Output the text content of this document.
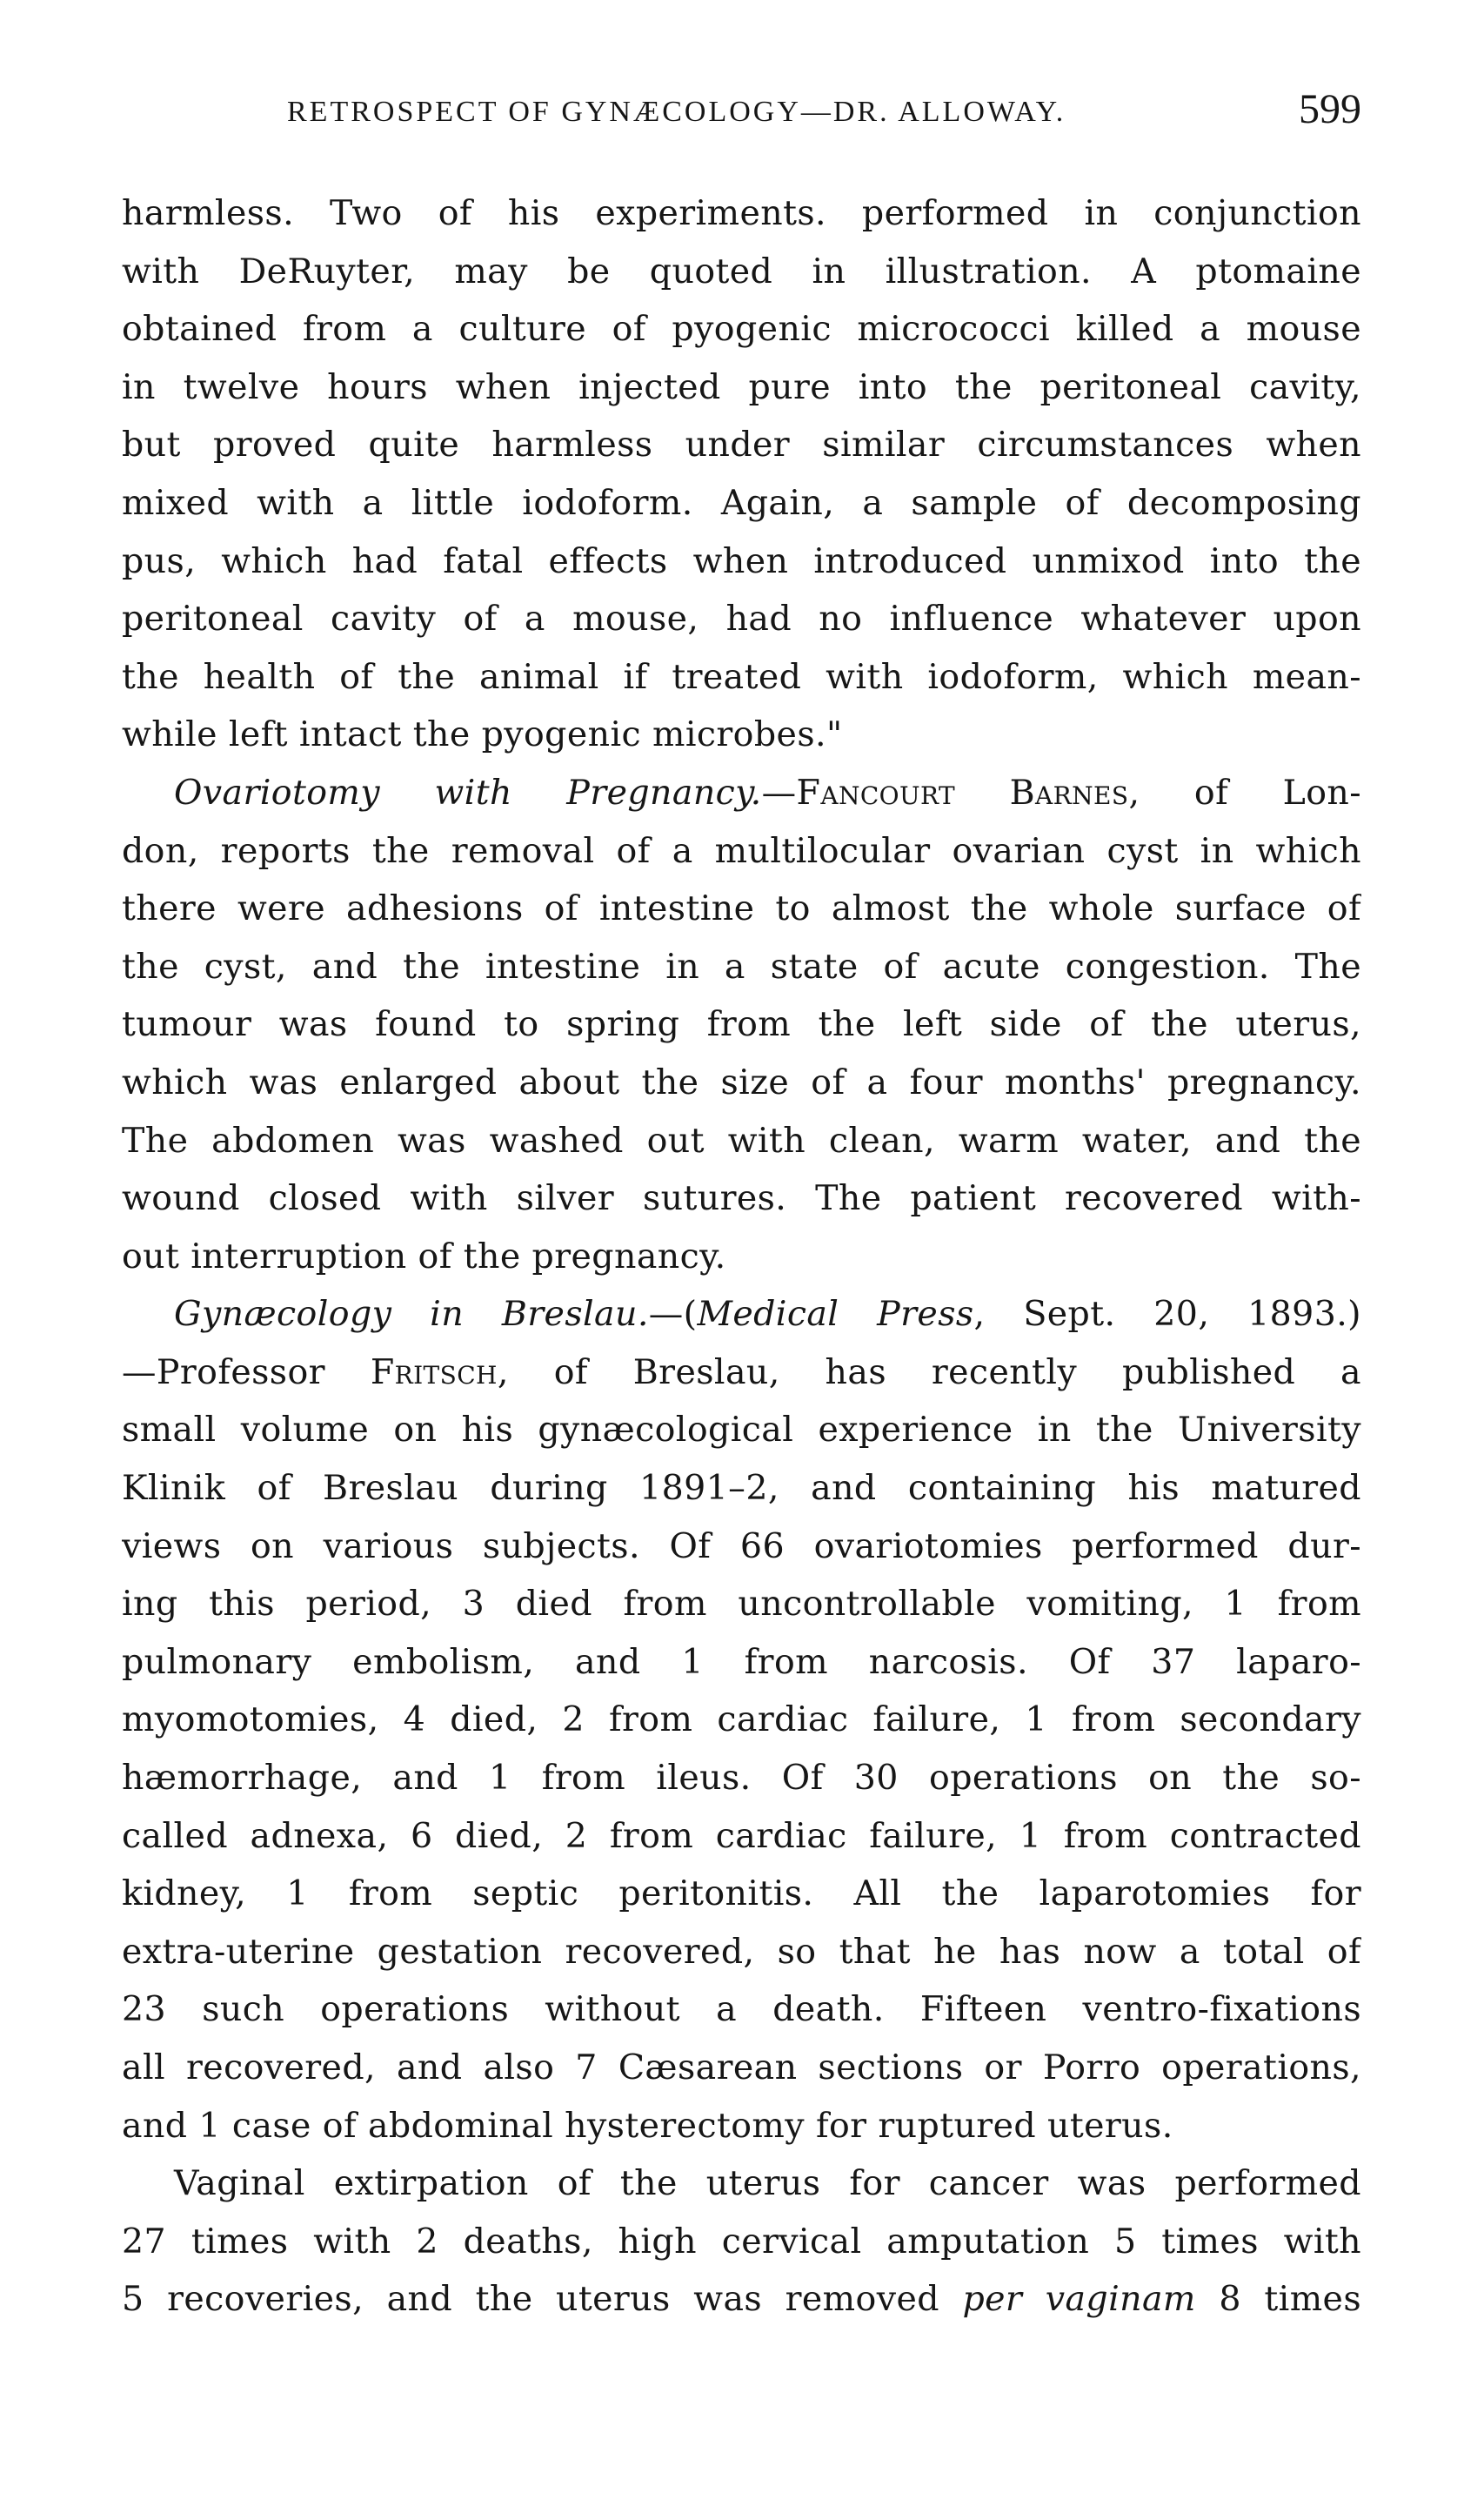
RETROSPECT OF GYNÆCOLOGY—DR. ALLOWAY.	599
harmless. Two of his experiments. performed in conjunction
with DeRuyter, may be quoted in illustration. A ptomaine
obtained from a culture of pyogenic micrococci killed a mouse
in twelve hours when injected pure into the peritoneal cavity,
but proved quite harmless under similar circumstances when
mixed with a little iodoform. Again, a sample of decomposing
pus, which had fatal effects when introduced unmixod into the
peritoneal cavity of a mouse, had no influence whatever upon
the health of the animal if treated with iodoform, which mean-
while left intact the pyogenic microbes."
Ovariotomy with Pregnancy.—Fancourt Barnes, of Lon-
don, reports the removal of a multilocular ovarian cyst in which
there were adhesions of intestine to almost the whole surface of
the cyst, and the intestine in a state of acute congestion. The
tumour was found to spring from the left side of the uterus,
which was enlarged about the size of a four months' pregnancy.
The abdomen was washed out with clean, warm water, and the
wound closed with silver sutures. The patient recovered with-
out interruption of the pregnancy.
Gynæcology in Breslau.—(Medical Press, Sept. 20, 1893.)
—Professor Fritsch, of Breslau, has recently published a
small volume on his gynæcological experience in the University
Klinik of Breslau during 1891–2, and containing his matured
views on various subjects. Of 66 ovariotomies performed dur-
ing this period, 3 died from uncontrollable vomiting, 1 from
pulmonary embolism, and 1 from narcosis. Of 37 laparo-
myomotomies, 4 died, 2 from cardiac failure, 1 from secondary
hæmorrhage, and 1 from ileus. Of 30 operations on the so-
called adnexa, 6 died, 2 from cardiac failure, 1 from contracted
kidney, 1 from septic peritonitis. All the laparotomies for
extra-uterine gestation recovered, so that he has now a total of
23 such operations without a death. Fifteen ventro-fixations
all recovered, and also 7 Cæsarean sections or Porro operations,
and 1 case of abdominal hysterectomy for ruptured uterus.
Vaginal extirpation of the uterus for cancer was performed
27 times with 2 deaths, high cervical amputation 5 times with
5 recoveries, and the uterus was removed per vaginam 8 times
